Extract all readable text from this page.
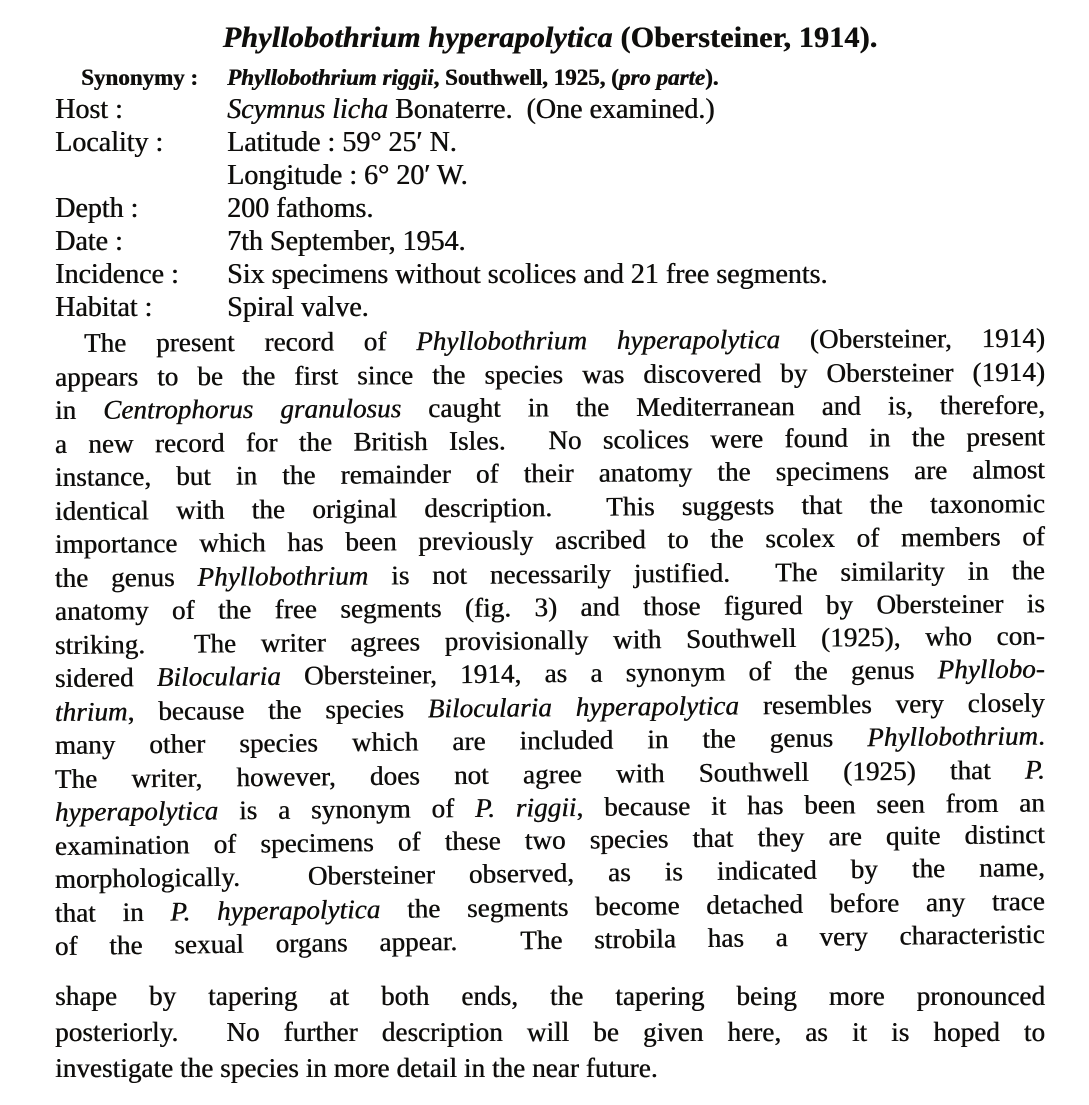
Phyllobothrium hyperapolytica (Obersteiner, 1914).
Synonymy :	Phyllobothrium riggii, Southwell, 1925, (pro parte).
Host :	Scymnus licha Bonaterre.  (One examined.)
Locality :	Latitude : 59° 25′ N.
Longitude : 6° 20′ W.
Depth :	200 fathoms.
Date :	7th September, 1954.
Incidence :	Six specimens without scolices and 21 free segments.
Habitat :	Spiral valve.
The present record of Phyllobothrium hyperapolytica (Obersteiner, 1914)
appears to be the first since the species was discovered by Obersteiner (1914)
in Centrophorus granulosus caught in the Mediterranean and is, therefore,
a new record for the British Isles.  No scolices were found in the present
instance, but in the remainder of their anatomy the specimens are almost
identical with the original description.  This suggests that the taxonomic
importance which has been previously ascribed to the scolex of members of
the genus Phyllobothrium is not necessarily justified.  The similarity in the
anatomy of the free segments (fig. 3) and those figured by Obersteiner is
striking.  The writer agrees provisionally with Southwell (1925), who con-
sidered Bilocularia Obersteiner, 1914, as a synonym of the genus Phyllobo-
thrium, because the species Bilocularia hyperapolytica resembles very closely
many other species which are included in the genus Phyllobothrium.
The writer, however, does not agree with Southwell (1925) that P.
hyperapolytica is a synonym of P. riggii, because it has been seen from an
examination of specimens of these two species that they are quite distinct
morphologically.  Obersteiner observed, as is indicated by the name,
that in P. hyperapolytica the segments become detached before any trace
of the sexual organs appear.  The strobila has a very characteristic
shape by tapering at both ends, the tapering being more pronounced
posteriorly.  No further description will be given here, as it is hoped to
investigate the species in more detail in the near future.
